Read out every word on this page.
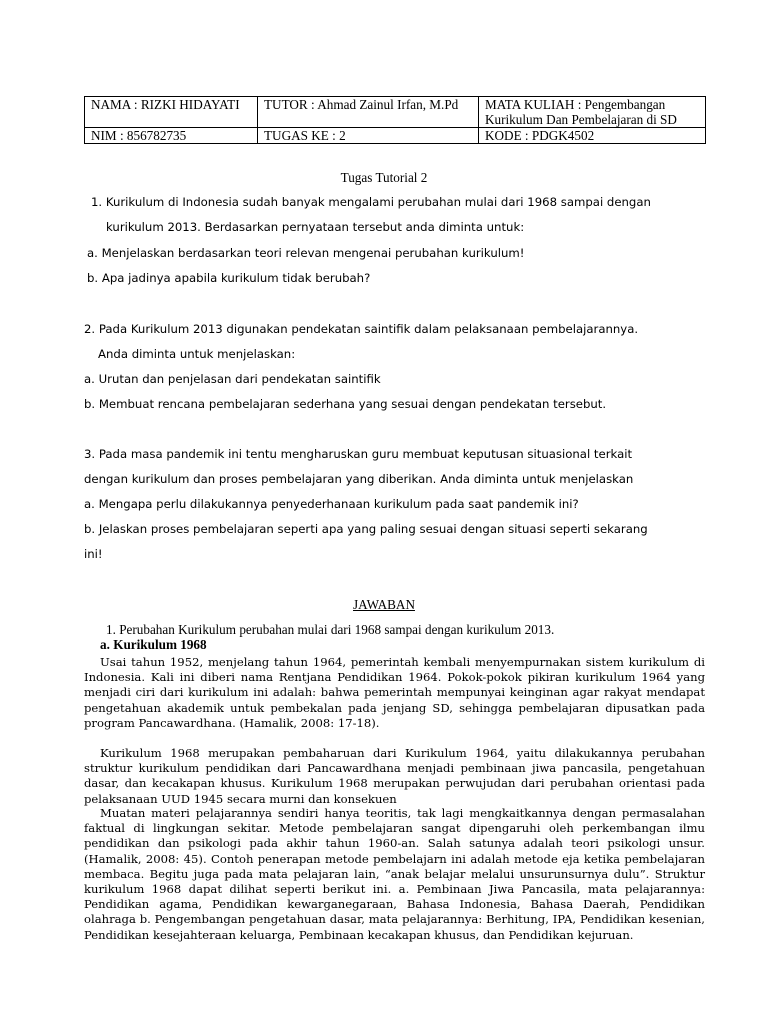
NAMA : RIZKI HIDAYATI	TUTOR : Ahmad Zainul Irfan, M.Pd	MATA KULIAH : Pengembangan Kurikulum Dan Pembelajaran di SD
NIM : 856782735	TUGAS KE : 2	KODE : PDGK4502
Tugas Tutorial 2
1. Kurikulum di Indonesia sudah banyak mengalami perubahan mulai dari 1968 sampai dengan
kurikulum 2013. Berdasarkan pernyataan tersebut anda diminta untuk:
a. Menjelaskan berdasarkan teori relevan mengenai perubahan kurikulum!
b. Apa jadinya apabila kurikulum tidak berubah?
2. Pada Kurikulum 2013 digunakan pendekatan saintifik dalam pelaksanaan pembelajarannya.
Anda diminta untuk menjelaskan:
a. Urutan dan penjelasan dari pendekatan saintifik
b. Membuat rencana pembelajaran sederhana yang sesuai dengan pendekatan tersebut.
3. Pada masa pandemik ini tentu mengharuskan guru membuat keputusan situasional terkait
dengan kurikulum dan proses pembelajaran yang diberikan. Anda diminta untuk menjelaskan
a. Mengapa perlu dilakukannya penyederhanaan kurikulum pada saat pandemik ini?
b. Jelaskan proses pembelajaran seperti apa yang paling sesuai dengan situasi seperti sekarang
ini!
JAWABAN
1. Perubahan Kurikulum perubahan mulai dari 1968 sampai dengan kurikulum 2013.
a. Kurikulum 1968
Usai tahun 1952, menjelang tahun 1964, pemerintah kembali menyempurnakan sistem kurikulum di Indonesia. Kali ini diberi nama Rentjana Pendidikan 1964. Pokok-pokok pikiran kurikulum 1964 yang menjadi ciri dari kurikulum ini adalah: bahwa pemerintah mempunyai keinginan agar rakyat mendapat pengetahuan akademik untuk pembekalan pada jenjang SD, sehingga pembelajaran dipusatkan pada program Pancawardhana. (Hamalik, 2008: 17-18).
Kurikulum 1968 merupakan pembaharuan dari Kurikulum 1964, yaitu dilakukannya perubahan struktur kurikulum pendidikan dari Pancawardhana menjadi pembinaan jiwa pancasila, pengetahuan dasar, dan kecakapan khusus. Kurikulum 1968 merupakan perwujudan dari perubahan orientasi pada pelaksanaan UUD 1945 secara murni dan konsekuen
Muatan materi pelajarannya sendiri hanya teoritis, tak lagi mengkaitkannya dengan permasalahan faktual di lingkungan sekitar. Metode pembelajaran sangat dipengaruhi oleh perkembangan ilmu pendidikan dan psikologi pada akhir tahun 1960-an. Salah satunya adalah teori psikologi unsur. (Hamalik, 2008: 45). Contoh penerapan metode pembelajarn ini adalah metode eja ketika pembelajaran membaca. Begitu juga pada mata pelajaran lain, “anak belajar melalui unsurunsurnya dulu”. Struktur kurikulum 1968 dapat dilihat seperti berikut ini. a. Pembinaan Jiwa Pancasila, mata pelajarannya: Pendidikan agama, Pendidikan kewarganegaraan, Bahasa Indonesia, Bahasa Daerah, Pendidikan olahraga b. Pengembangan pengetahuan dasar, mata pelajarannya: Berhitung, IPA, Pendidikan kesenian, Pendidikan kesejahteraan keluarga, Pembinaan kecakapan khusus, dan Pendidikan kejuruan.
